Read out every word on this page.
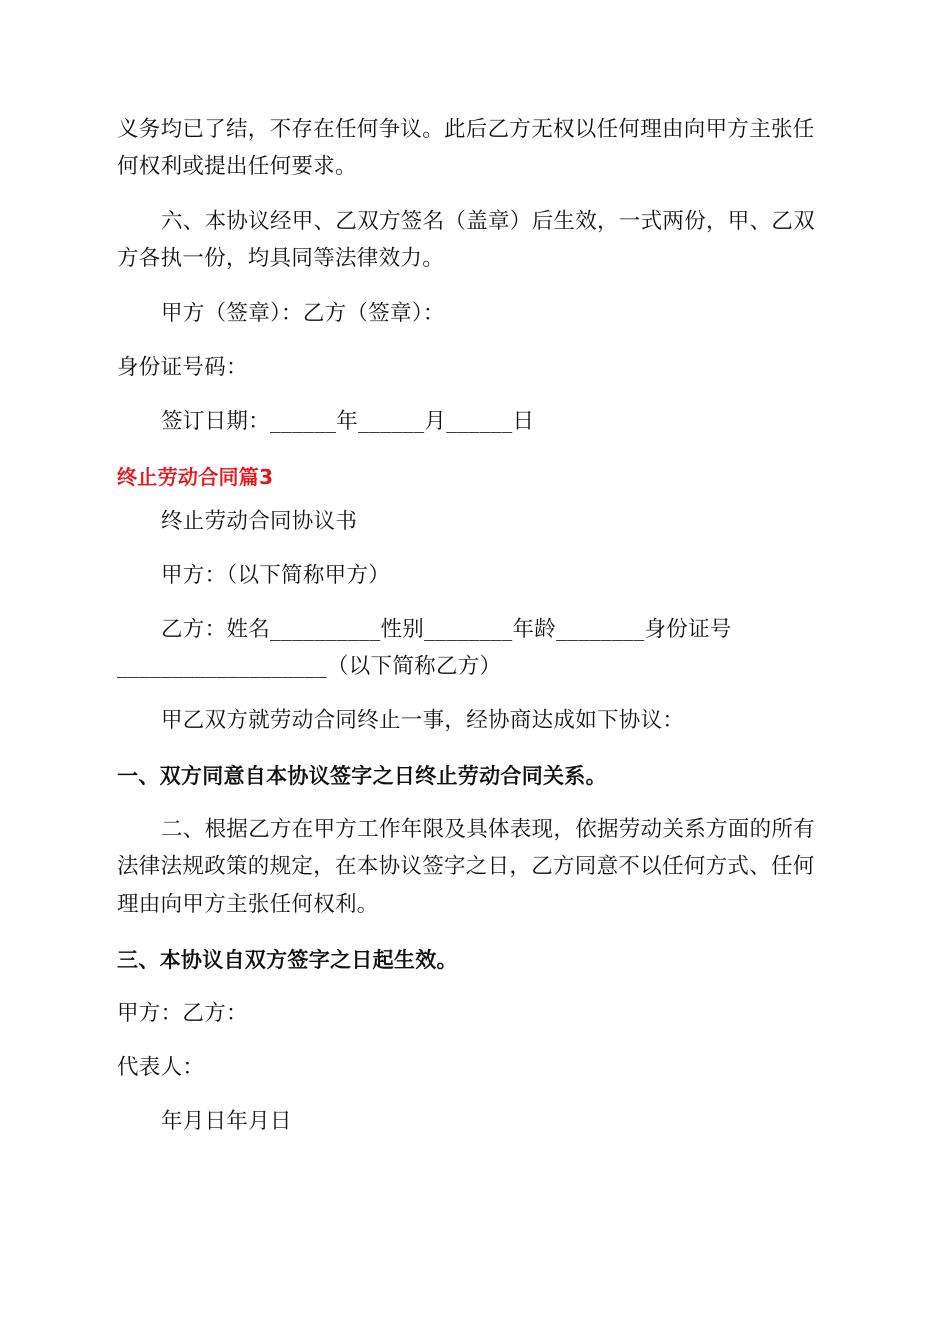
义务均已了结，不存在任何争议。此后乙方无权以任何理由向甲方主张任
何权利或提出任何要求。
六、本协议经甲、乙双方签名（盖章）后生效，一式两份，甲、乙双
方各执一份，均具同等法律效力。
甲方（签章）：乙方（签章）：
身份证号码：
签订日期：______年______月______日
终止劳动合同篇3
终止劳动合同协议书
甲方：（以下简称甲方）
乙方：姓名__________性别________年龄________身份证号
___________________（以下简称乙方）
甲乙双方就劳动合同终止一事，经协商达成如下协议：
一、双方同意自本协议签字之日终止劳动合同关系。
二、根据乙方在甲方工作年限及具体表现，依据劳动关系方面的所有
法律法规政策的规定，在本协议签字之日，乙方同意不以任何方式、任何
理由向甲方主张任何权利。
三、本协议自双方签字之日起生效。
甲方：乙方：
代表人：
年月日年月日
